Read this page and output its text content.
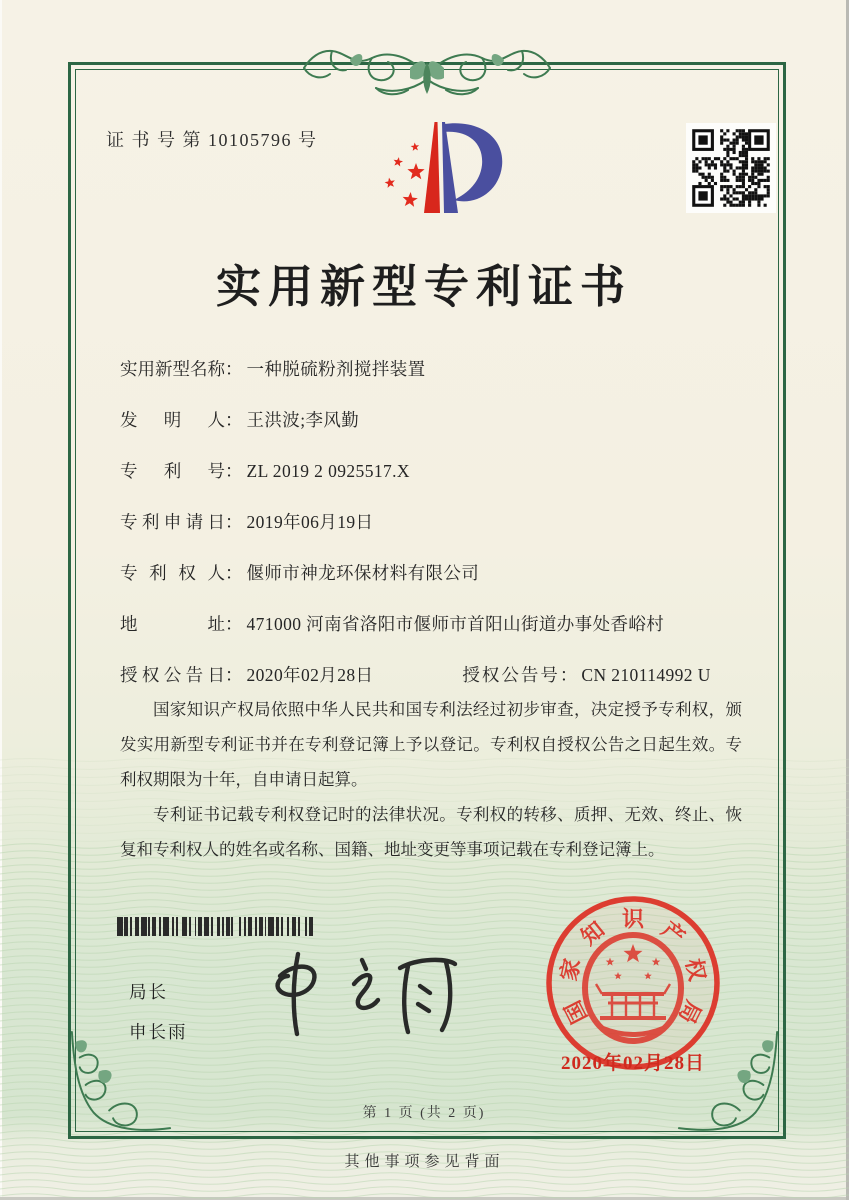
证 书 号 第 10105796 号
实用新型专利证书
实用新型名称： 一种脱硫粉剂搅拌装置
发明人： 王洪波;李风勤
专利号： ZL 2019 2 0925517.X
专利申请日： 2019年06月19日
专利权人： 偃师市神龙环保材料有限公司
地址： 471000 河南省洛阳市偃师市首阳山街道办事处香峪村
授权公告日： 2020年02月28日	授权公告号： CN 210114992 U

国家知识产权局依照中华人民共和国专利法经过初步审查，决定授予专利权，颁发实用新型专利证书并在专利登记簿上予以登记。专利权自授权公告之日起生效。专利权期限为十年，自申请日起算。

专利证书记载专利权登记时的法律状况。专利权的转移、质押、无效、终止、恢复和专利权人的姓名或名称、国籍、地址变更等事项记载在专利登记簿上。

局长
申长雨
国
家
知 识 产
权
局
2020年02月28日
第 1 页 (共 2 页)
其他事项参见背面
